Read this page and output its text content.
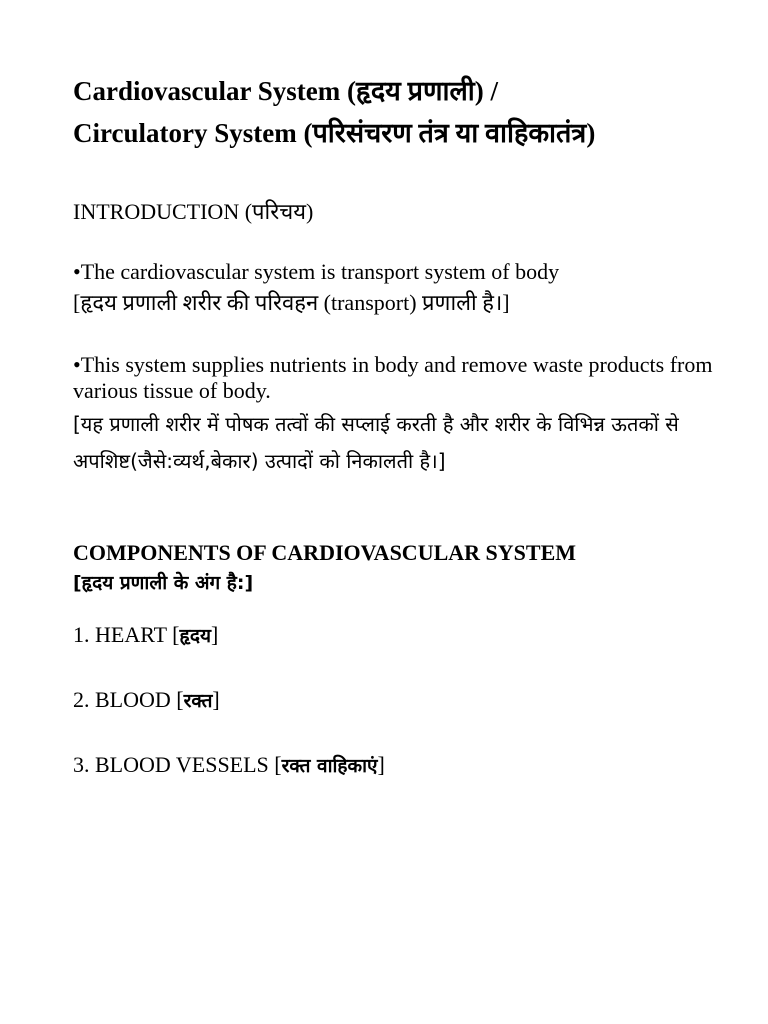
Cardiovascular System (हृदय प्रणाली) /
Circulatory System (परिसंचरण तंत्र या वाहिकातंत्र)

INTRODUCTION (परिचय)

•The cardiovascular system is transport system of body
[हृदय प्रणाली शरीर की परिवहन (transport) प्रणाली है।]

•This system supplies nutrients in body and remove waste products from various tissue of body.
[यह प्रणाली शरीर में पोषक तत्वों की सप्लाई करती है और शरीर के विभिन्न ऊतकों से अपशिष्ट(जैसे:व्यर्थ,बेकार) उत्पादों को निकालती है।]

COMPONENTS OF CARDIOVASCULAR SYSTEM
[हृदय प्रणाली के अंग है:]

1. HEART [हृदय]

2. BLOOD [रक्त]

3. BLOOD VESSELS [रक्त वाहिकाएं]
